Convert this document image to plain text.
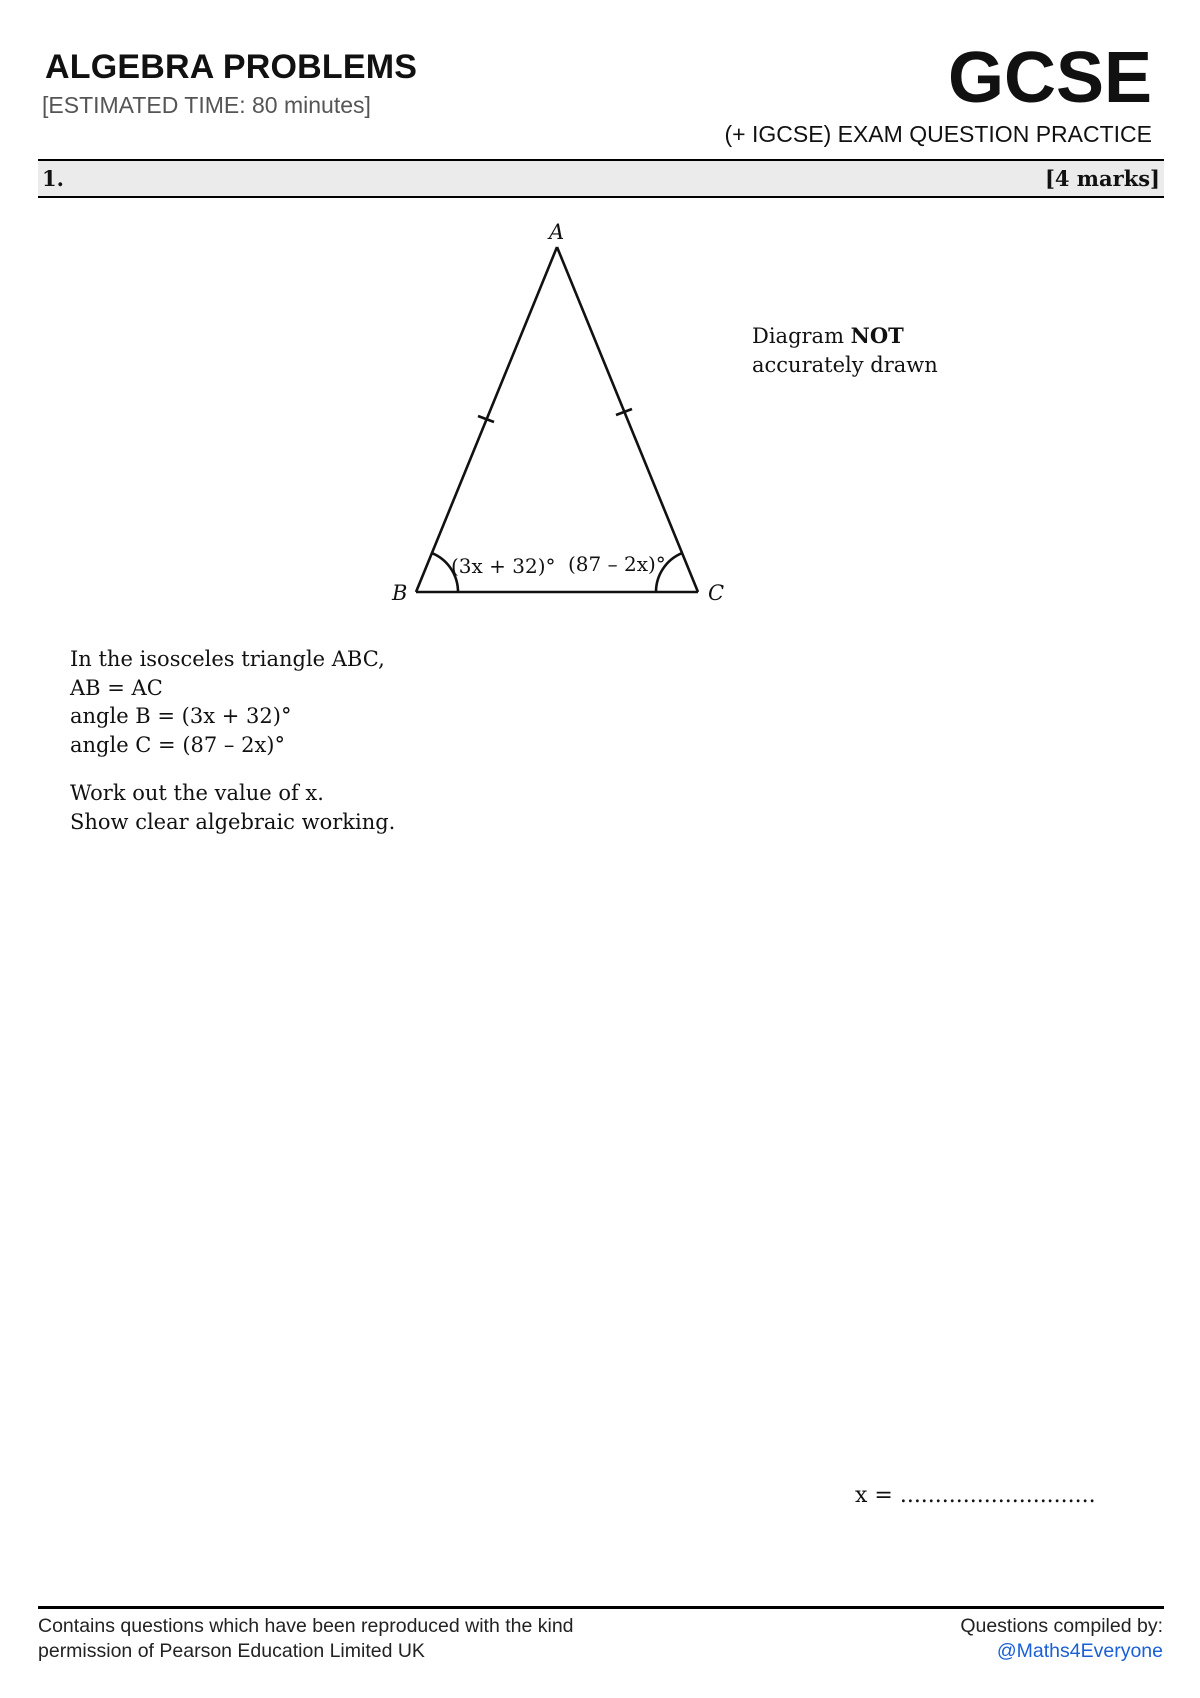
ALGEBRA PROBLEMS
[ESTIMATED TIME: 80 minutes]	GCSE
(+ IGCSE) EXAM QUESTION PRACTICE
1.	[4 marks]
A
B	C
(3x + 32)° (87 – 2x)°
Diagram NOT
accurately drawn
In the isosceles triangle ABC,
AB = AC
angle B = (3x + 32)°
angle C = (87 – 2x)°
Work out the value of x.
Show clear algebraic working.
x = ............................
Contains questions which have been reproduced with the kind
permission of Pearson Education Limited UK
Questions compiled by:
@Maths4Everyone
